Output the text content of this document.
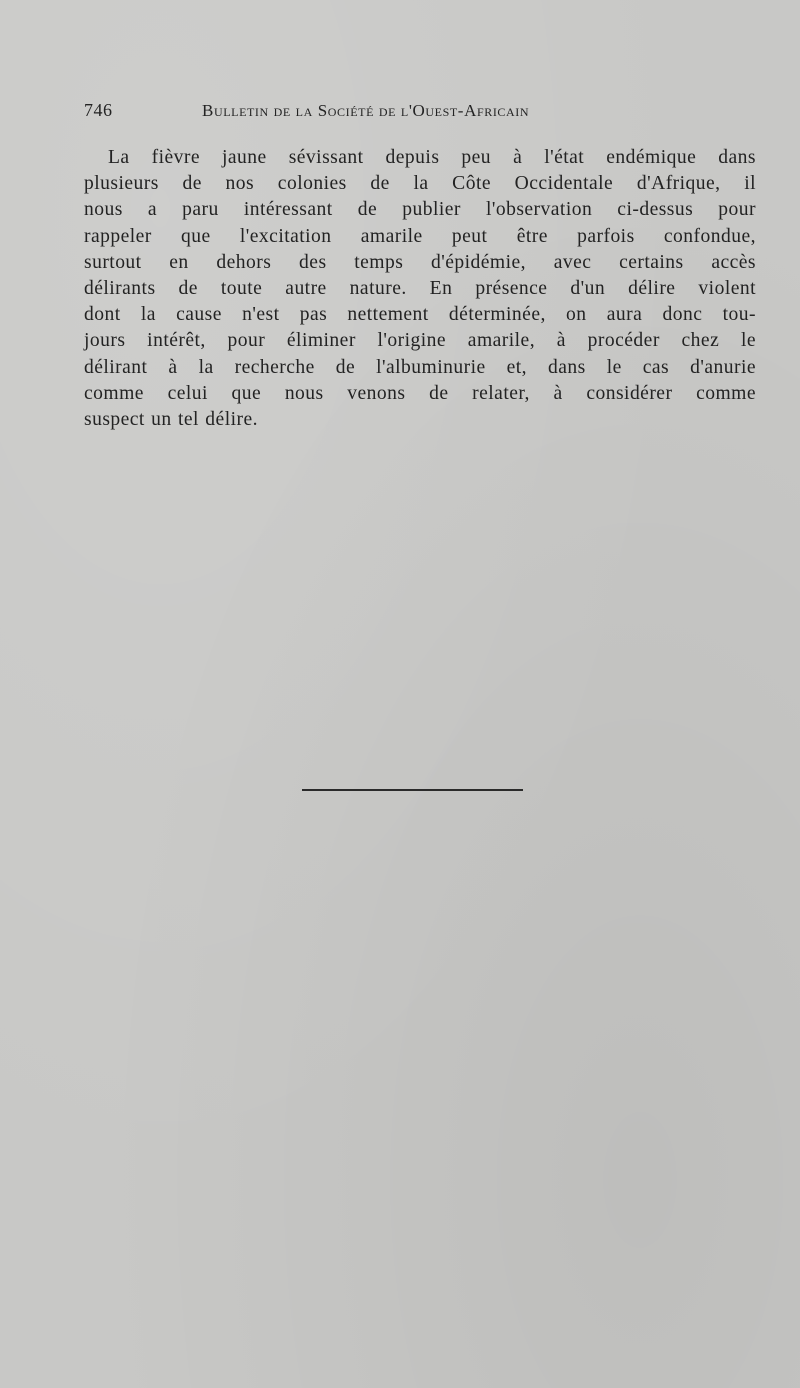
746	Bulletin de la Société de l'Ouest-Africain
La fièvre jaune sévissant depuis peu à l'état endémique dans
plusieurs de nos colonies de la Côte Occidentale d'Afrique, il
nous a paru intéressant de publier l'observation ci-dessus pour
rappeler que l'excitation amarile peut être parfois confondue,
surtout en dehors des temps d'épidémie, avec certains accès
délirants de toute autre nature. En présence d'un délire violent
dont la cause n'est pas nettement déterminée, on aura donc tou-
jours intérêt, pour éliminer l'origine amarile, à procéder chez le
délirant à la recherche de l'albuminurie et, dans le cas d'anurie
comme celui que nous venons de relater, à considérer comme
suspect un tel délire.
